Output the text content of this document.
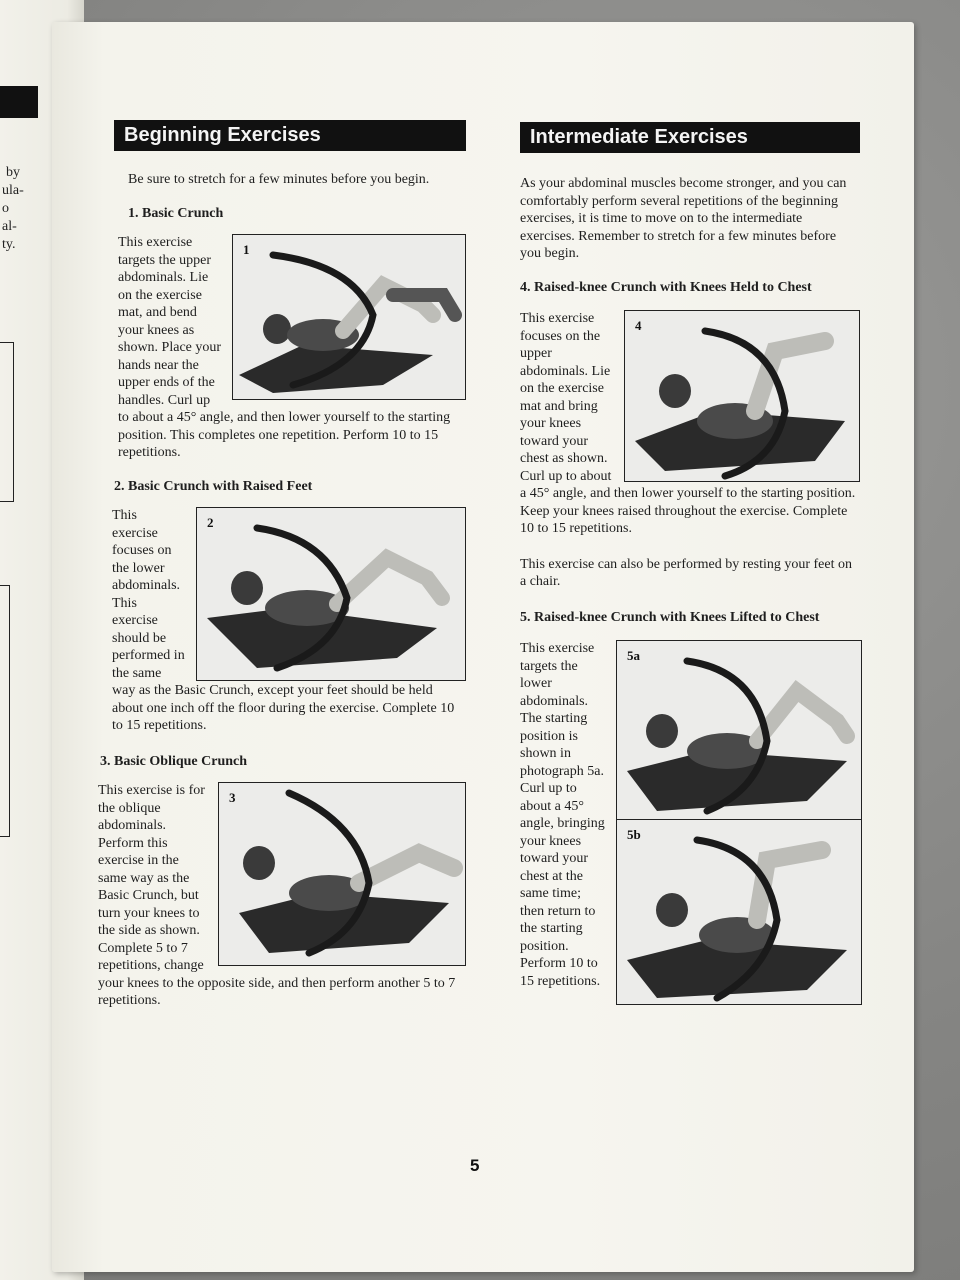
by
ula-
o
al-
ty.
Beginning Exercises

Be sure to stretch for a few minutes before you begin.

1. Basic Crunch
1

This exercise targets the upper abdominals. Lie on the exercise mat, and bend your knees as shown. Place your hands near the upper ends of the handles. Curl up to about a 45° angle, and then lower yourself to the starting position. This completes one repetition. Perform 10 to 15 repetitions.

2. Basic Crunch with Raised Feet
2

This exercise focuses on the lower abdominals. This exercise should be performed in the same way as the Basic Crunch, except your feet should be held about one inch off the floor during the exercise. Complete 10 to 15 repetitions.

3. Basic Oblique Crunch
3

This exercise is for the oblique abdominals. Perform this exercise in the same way as the Basic Crunch, but turn your knees to the side as shown. Complete 5 to 7 repetitions, change your knees to the opposite side, and then perform another 5 to 7 repetitions.

Intermediate Exercises

As your abdominal muscles become stronger, and you can comfortably perform several repetitions of the beginning exercises, it is time to move on to the intermediate exercises. Remember to stretch for a few minutes before you begin.

4. Raised-knee Crunch with Knees Held to Chest
4

This exercise focuses on the upper abdominals. Lie on the exercise mat and bring your knees toward your chest as shown. Curl up to about a 45° angle, and then lower yourself to the starting position. Keep your knees raised throughout the exercise. Complete 10 to 15 repetitions.

This exercise can also be performed by resting your feet on a chair.

5. Raised-knee Crunch with Knees Lifted to Chest
5a
5b

This exercise targets the lower abdominals. The starting position is shown in photograph 5a. Curl up to about a 45° angle, bringing your knees toward your chest at the same time; then return to the starting position. Perform 10 to 15 repetitions.

5
